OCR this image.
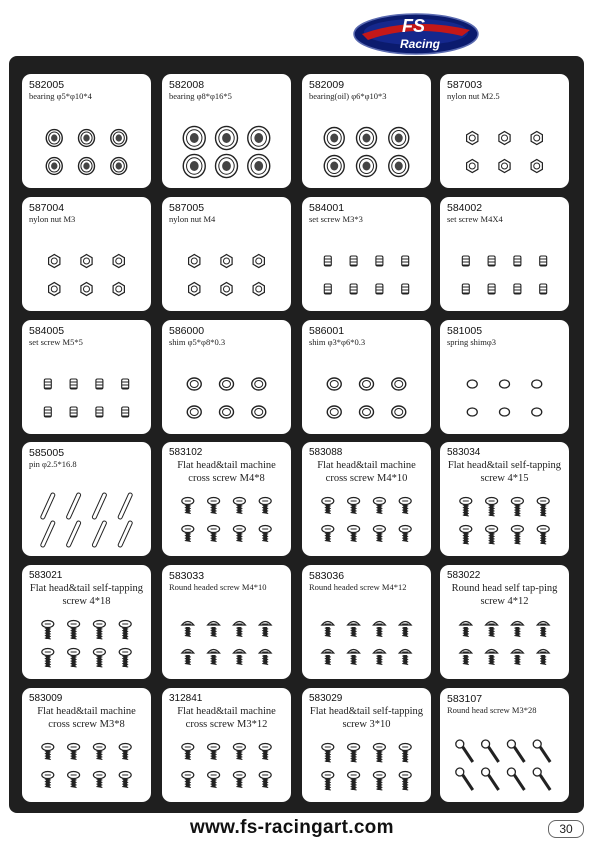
FS
Racing
582005
bearing φ5*φ10*4
582008
bearing φ8*φ16*5
582009
bearing(oil) φ6*φ10*3
587003
nylon nut M2.5
587004
nylon nut M3
587005
nylon nut M4
584001
set screw M3*3
584002
set screw M4X4
584005
set screw M5*5
586000
shim φ5*φ8*0.3
586001
shim φ3*φ6*0.3
581005
spring shimφ3
585005
pin φ2.5*16.8
583102
Flat head&tail machine cross screw M4*8
583088
Flat head&tail machine cross screw M4*10
583034
Flat head&tail self-tapping screw 4*15
583021
Flat head&tail self-tapping screw 4*18
583033
Round headed screw M4*10
583036
Round headed screw M4*12
583022
Round head self tap-ping screw 4*12
583009
Flat head&tail machine cross screw M3*8
312841
Flat head&tail machine cross screw M3*12
583029
Flat head&tail self-tapping screw 3*10
583107
Round head screw M3*28
www.fs-racingart.com	30
